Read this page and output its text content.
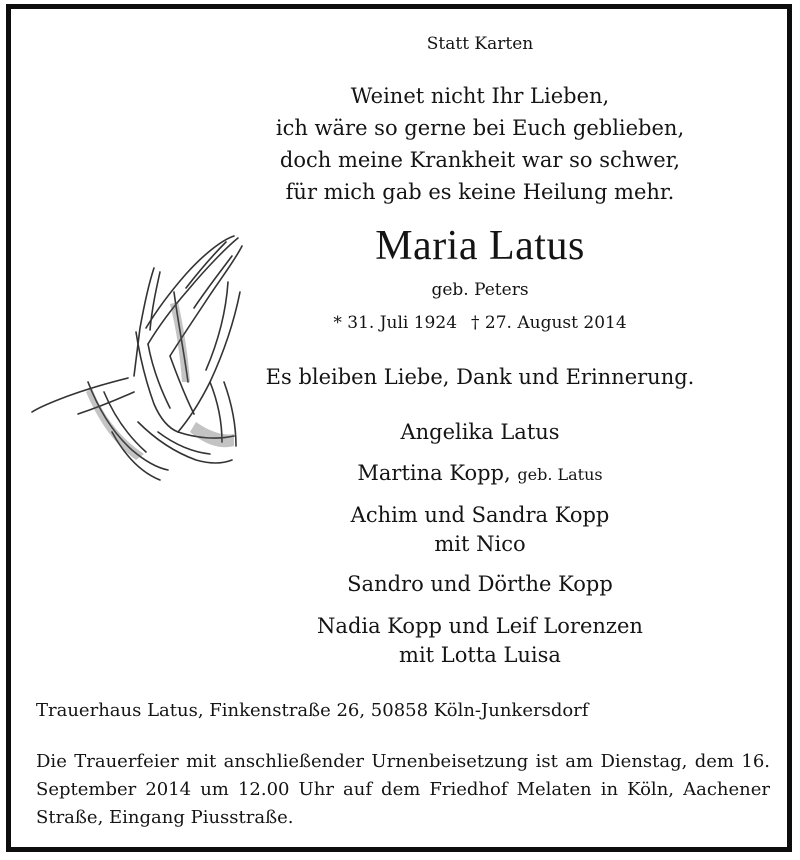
Statt Karten
Weinet nicht Ihr Lieben,
ich wäre so gerne bei Euch geblieben,
doch meine Krankheit war so schwer,
für mich gab es keine Heilung mehr.
Maria Latus
geb. Peters
* 31. Juli 1924 † 27. August 2014
Es bleiben Liebe, Dank und Erinnerung.
Angelika Latus
Martina Kopp, geb. Latus
Achim und Sandra Kopp
mit Nico
Sandro und Dörthe Kopp
Nadia Kopp und Leif Lorenzen
mit Lotta Luisa
Trauerhaus Latus, Finkenstraße 26, 50858 Köln-Junkersdorf
Die Trauerfeier mit anschließender Urnenbeisetzung ist am Dienstag, dem 16. September 2014 um 12.00 Uhr auf dem Friedhof Melaten in Köln, Aachener Straße, Eingang Piusstraße.
